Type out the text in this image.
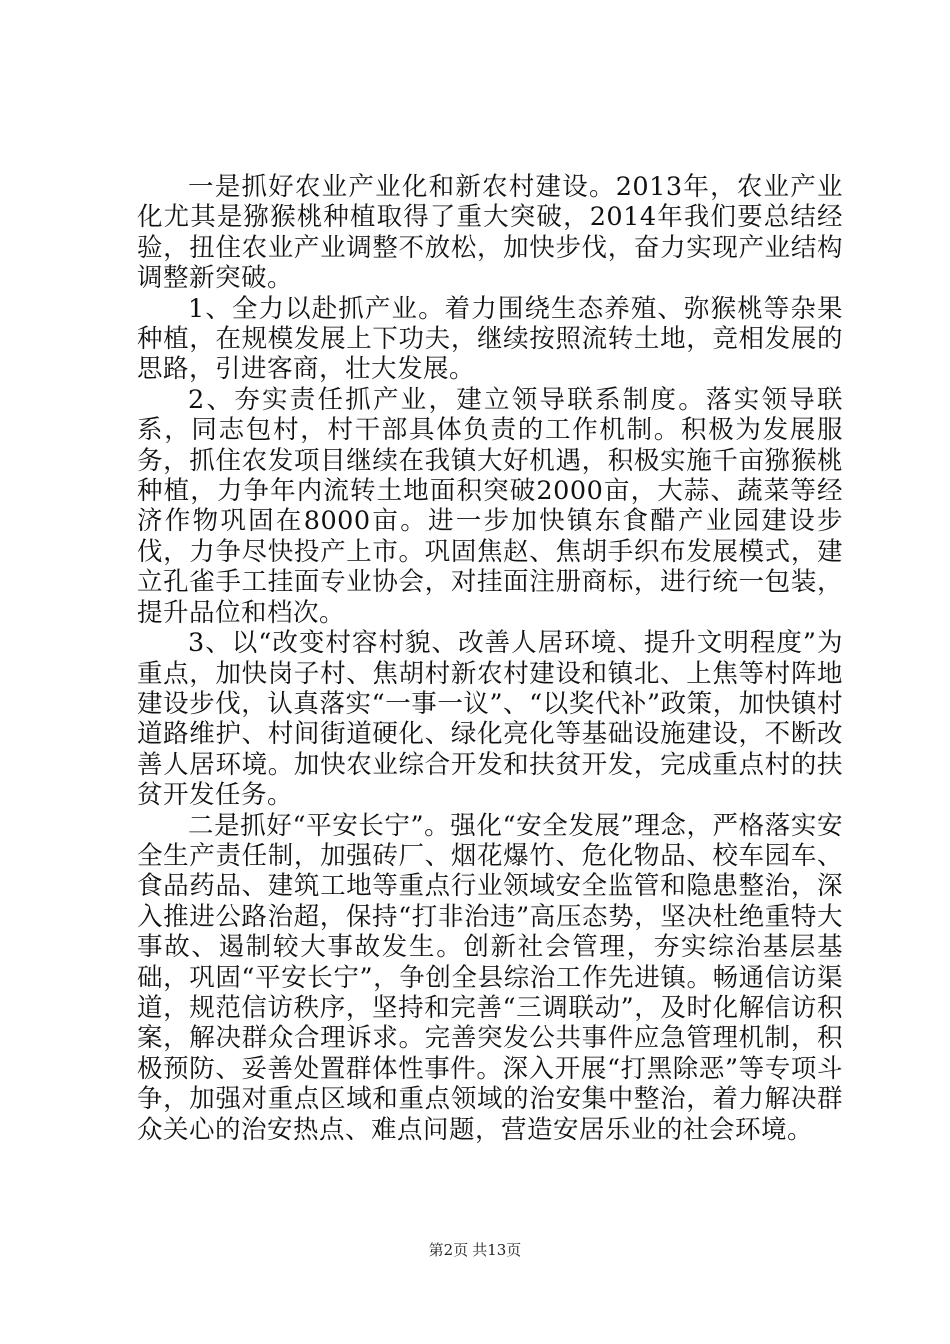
一是抓好农业产业化和新农村建设。2013年，农业产业化尤其是猕猴桃种植取得了重大突破，2014年我们要总结经验，扭住农业产业调整不放松，加快步伐，奋力实现产业结构调整新突破。

1、全力以赴抓产业。着力围绕生态养殖、弥猴桃等杂果种植，在规模发展上下功夫，继续按照流转土地，竞相发展的思路，引进客商，壮大发展。

2、夯实责任抓产业，建立领导联系制度。落实领导联系，同志包村，村干部具体负责的工作机制。积极为发展服务，抓住农发项目继续在我镇大好机遇，积极实施千亩猕猴桃种植，力争年内流转土地面积突破2000亩，大蒜、蔬菜等经济作物巩固在8000亩。进一步加快镇东食醋产业园建设步伐，力争尽快投产上市。巩固焦赵、焦胡手织布发展模式，建立孔雀手工挂面专业协会，对挂面注册商标，进行统一包装，提升品位和档次。

3、以“改变村容村貌、改善人居环境、提升文明程度”为重点，加快岗子村、焦胡村新农村建设和镇北、上焦等村阵地建设步伐，认真落实“一事一议”、“以奖代补”政策，加快镇村道路维护、村间街道硬化、绿化亮化等基础设施建设，不断改善人居环境。加快农业综合开发和扶贫开发，完成重点村的扶贫开发任务。

二是抓好“平安长宁”。强化“安全发展”理念，严格落实安全生产责任制，加强砖厂、烟花爆竹、危化物品、校车园车、食品药品、建筑工地等重点行业领域安全监管和隐患整治，深入推进公路治超，保持“打非治违”高压态势，坚决杜绝重特大事故、遏制较大事故发生。创新社会管理，夯实综治基层基础，巩固“平安长宁”，争创全县综治工作先进镇。畅通信访渠道，规范信访秩序，坚持和完善“三调联动”，及时化解信访积案，解决群众合理诉求。完善突发公共事件应急管理机制，积极预防、妥善处置群体性事件。深入开展“打黑除恶”等专项斗争，加强对重点区域和重点领域的治安集中整治，着力解决群众关心的治安热点、难点问题，营造安居乐业的社会环境。

第2页 共13页
